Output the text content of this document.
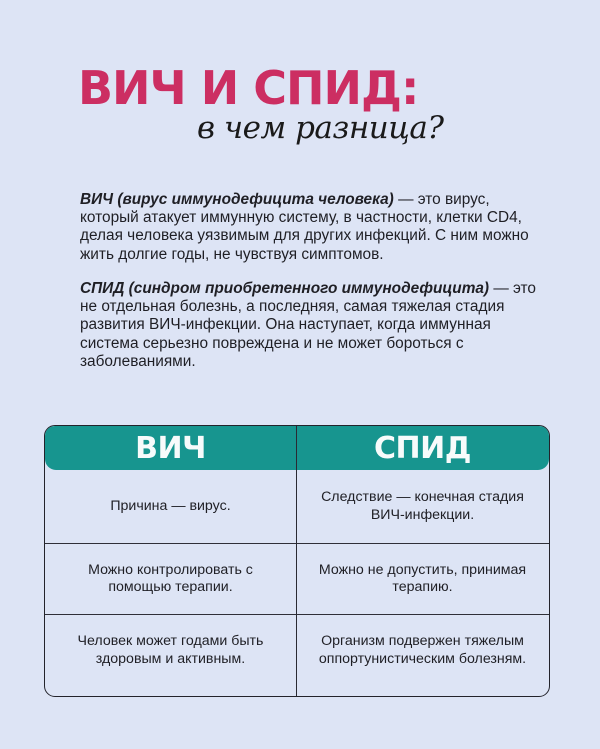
ВИЧ И СПИД:
в чем разница?

ВИЧ (вирус иммунодефицита человека) — это вирус, который атакует иммунную систему, в частности, клетки CD4, делая человека уязвимым для других инфекций. С ним можно жить долгие годы, не чувствуя симптомов.

СПИД (синдром приобретенного иммунодефицита) — это не отдельная болезнь, а последняя, самая тяжелая стадия развития ВИЧ-инфекции. Она наступает, когда иммунная система серьезно повреждена и не может бороться с заболеваниями.

ВИЧ	СПИД
Причина — вирус.
Следствие — конечная стадия ВИЧ-инфекции.
Можно контролировать с помощью терапии.
Можно не допустить, принимая терапию.
Человек может годами быть здоровым и активным.
Организм подвержен тяжелым оппортунистическим болезням.
